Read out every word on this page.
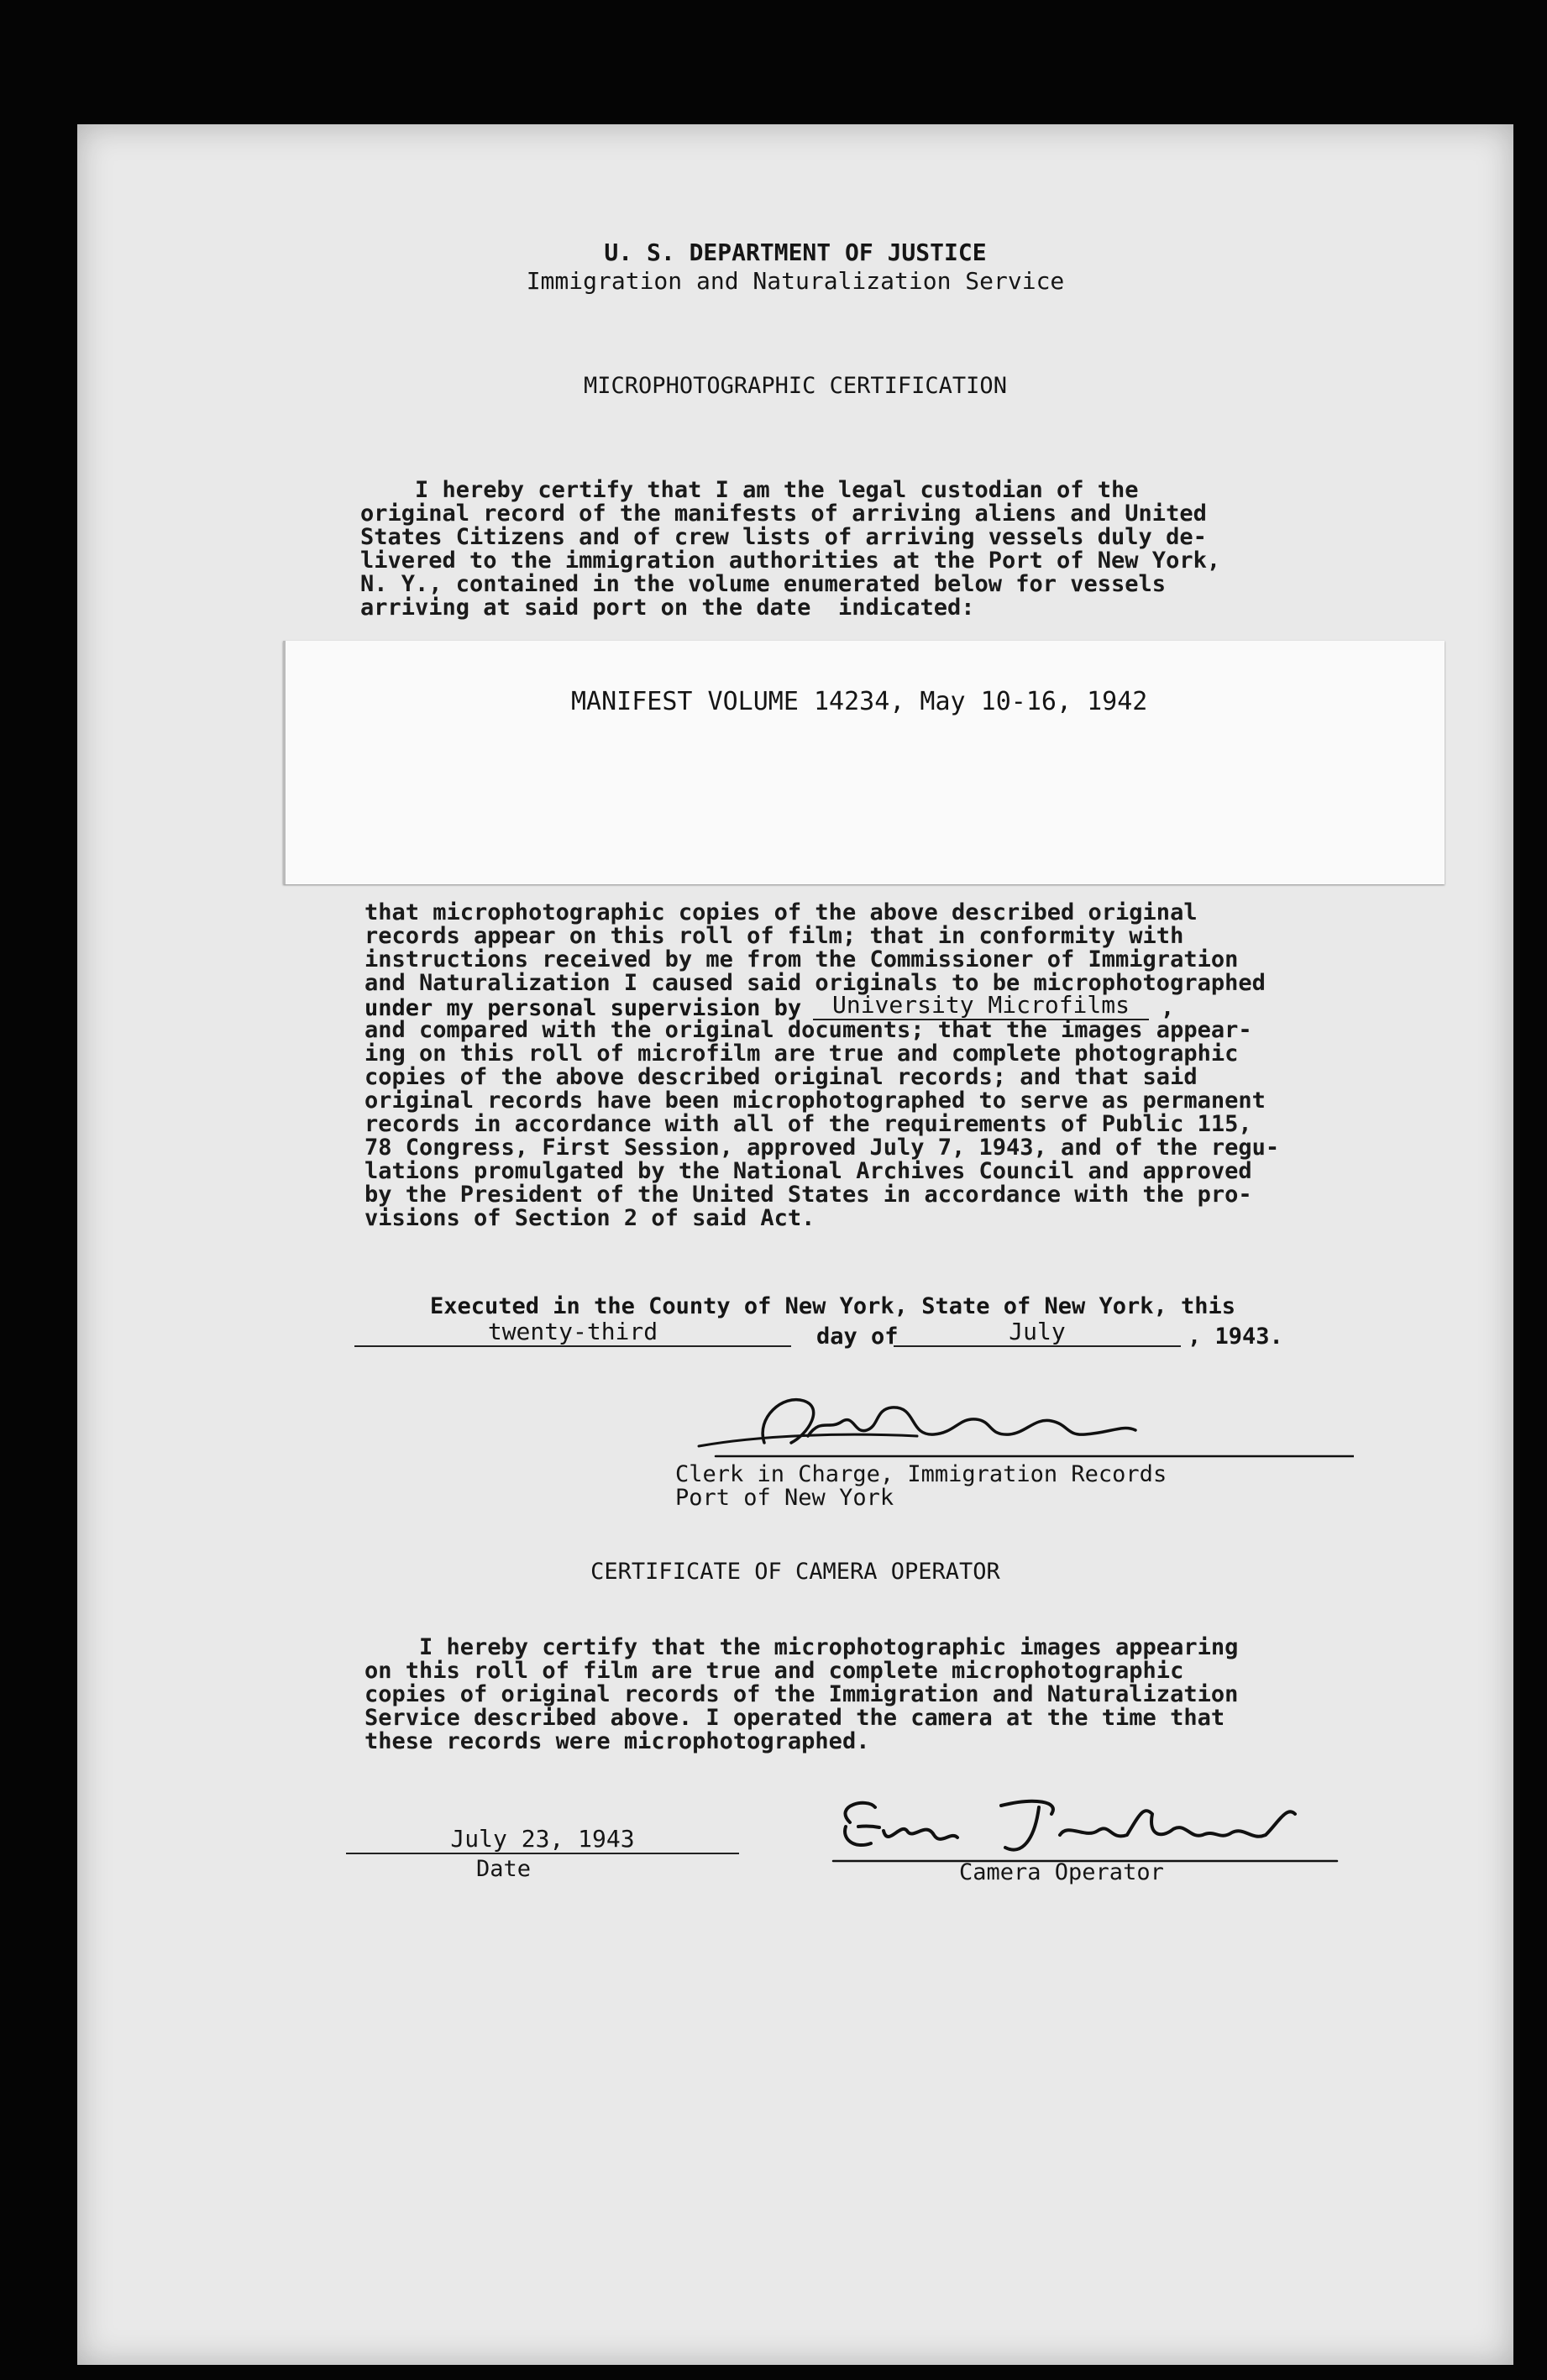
U. S. DEPARTMENT OF JUSTICE
Immigration and Naturalization Service
MICROPHOTOGRAPHIC CERTIFICATION
I hereby certify that I am the legal custodian of the
original record of the manifests of arriving aliens and United
States Citizens and of crew lists of arriving vessels duly de-
livered to the immigration authorities at the Port of New York,
N. Y., contained in the volume enumerated below for vessels
arriving at said port on the date  indicated:
MANIFEST VOLUME 14234, May 10-16, 1942
that microphotographic copies of the above described original
records appear on this roll of film; that in conformity with
instructions received by me from the Commissioner of Immigration
and Naturalization I caused said originals to be microphotographed
under my personal supervision by	University Microfilms	,
and compared with the original documents; that the images appear-
ing on this roll of microfilm are true and complete photographic
copies of the above described original records; and that said
original records have been microphotographed to serve as permanent
records in accordance with all of the requirements of Public 115,
78 Congress, First Session, approved July 7, 1943, and of the regu-
lations promulgated by the National Archives Council and approved
by the President of the United States in accordance with the pro-
visions of Section 2 of said Act.
Executed in the County of New York, State of New York, this
twenty-third	day of	July	, 1943.
Clerk in Charge, Immigration Records
Port of New York
CERTIFICATE OF CAMERA OPERATOR
I hereby certify that the microphotographic images appearing
on this roll of film are true and complete microphotographic
copies of original records of the Immigration and Naturalization
Service described above. I operated the camera at the time that
these records were microphotographed.
July 23, 1943
Date	Camera Operator
